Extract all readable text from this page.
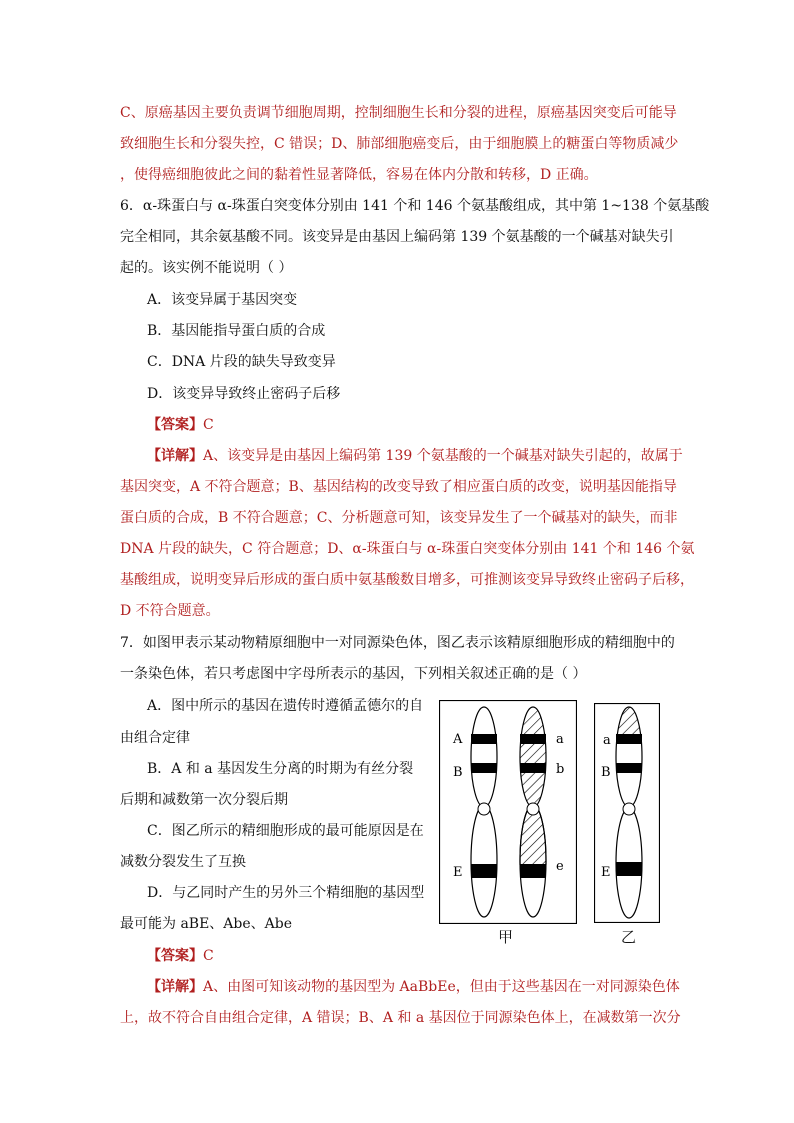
C、原癌基因主要负责调节细胞周期，控制细胞生长和分裂的进程，原癌基因突变后可能导
致细胞生长和分裂失控，C 错误；D、肺部细胞癌变后，由于细胞膜上的糖蛋白等物质减少
，使得癌细胞彼此之间的黏着性显著降低，容易在体内分散和转移，D 正确。
6．α-珠蛋白与 α-珠蛋白突变体分别由 141 个和 146 个氨基酸组成，其中第 1~138 个氨基酸
完全相同，其余氨基酸不同。该变异是由基因上编码第 139 个氨基酸的一个碱基对缺失引
起的。该实例不能说明（ ）
A．该变异属于基因突变
B．基因能指导蛋白质的合成
C．DNA 片段的缺失导致变异
D．该变异导致终止密码子后移
【答案】C
【详解】A、该变异是由基因上编码第 139 个氨基酸的一个碱基对缺失引起的，故属于
基因突变，A 不符合题意；B、基因结构的改变导致了相应蛋白质的改变，说明基因能指导
蛋白质的合成，B 不符合题意；C、分析题意可知，该变异发生了一个碱基对的缺失，而非
DNA 片段的缺失，C 符合题意；D、α-珠蛋白与 α-珠蛋白突变体分别由 141 个和 146 个氨
基酸组成，说明变异后形成的蛋白质中氨基酸数目增多，可推测该变异导致终止密码子后移，
D 不符合题意。
7．如图甲表示某动物精原细胞中一对同源染色体，图乙表示该精原细胞形成的精细胞中的
一条染色体，若只考虑图中字母所表示的基因，下列相关叙述正确的是（ ）
A．图中所示的基因在遗传时遵循孟德尔的自
由组合定律
B．A 和 a 基因发生分离的时期为有丝分裂
后期和减数第一次分裂后期
C．图乙所示的精细胞形成的最可能原因是在
减数分裂发生了互换
D．与乙同时产生的另外三个精细胞的基因型
最可能为 aBE、Abe、Abe
【答案】C
【详解】A、由图可知该动物的基因型为 AaBbEe，但由于这些基因在一对同源染色体
上，故不符合自由组合定律，A 错误；B、A 和 a 基因位于同源染色体上，在减数第一次分
A
B
E
a
b
e
甲
a
B
E
乙
